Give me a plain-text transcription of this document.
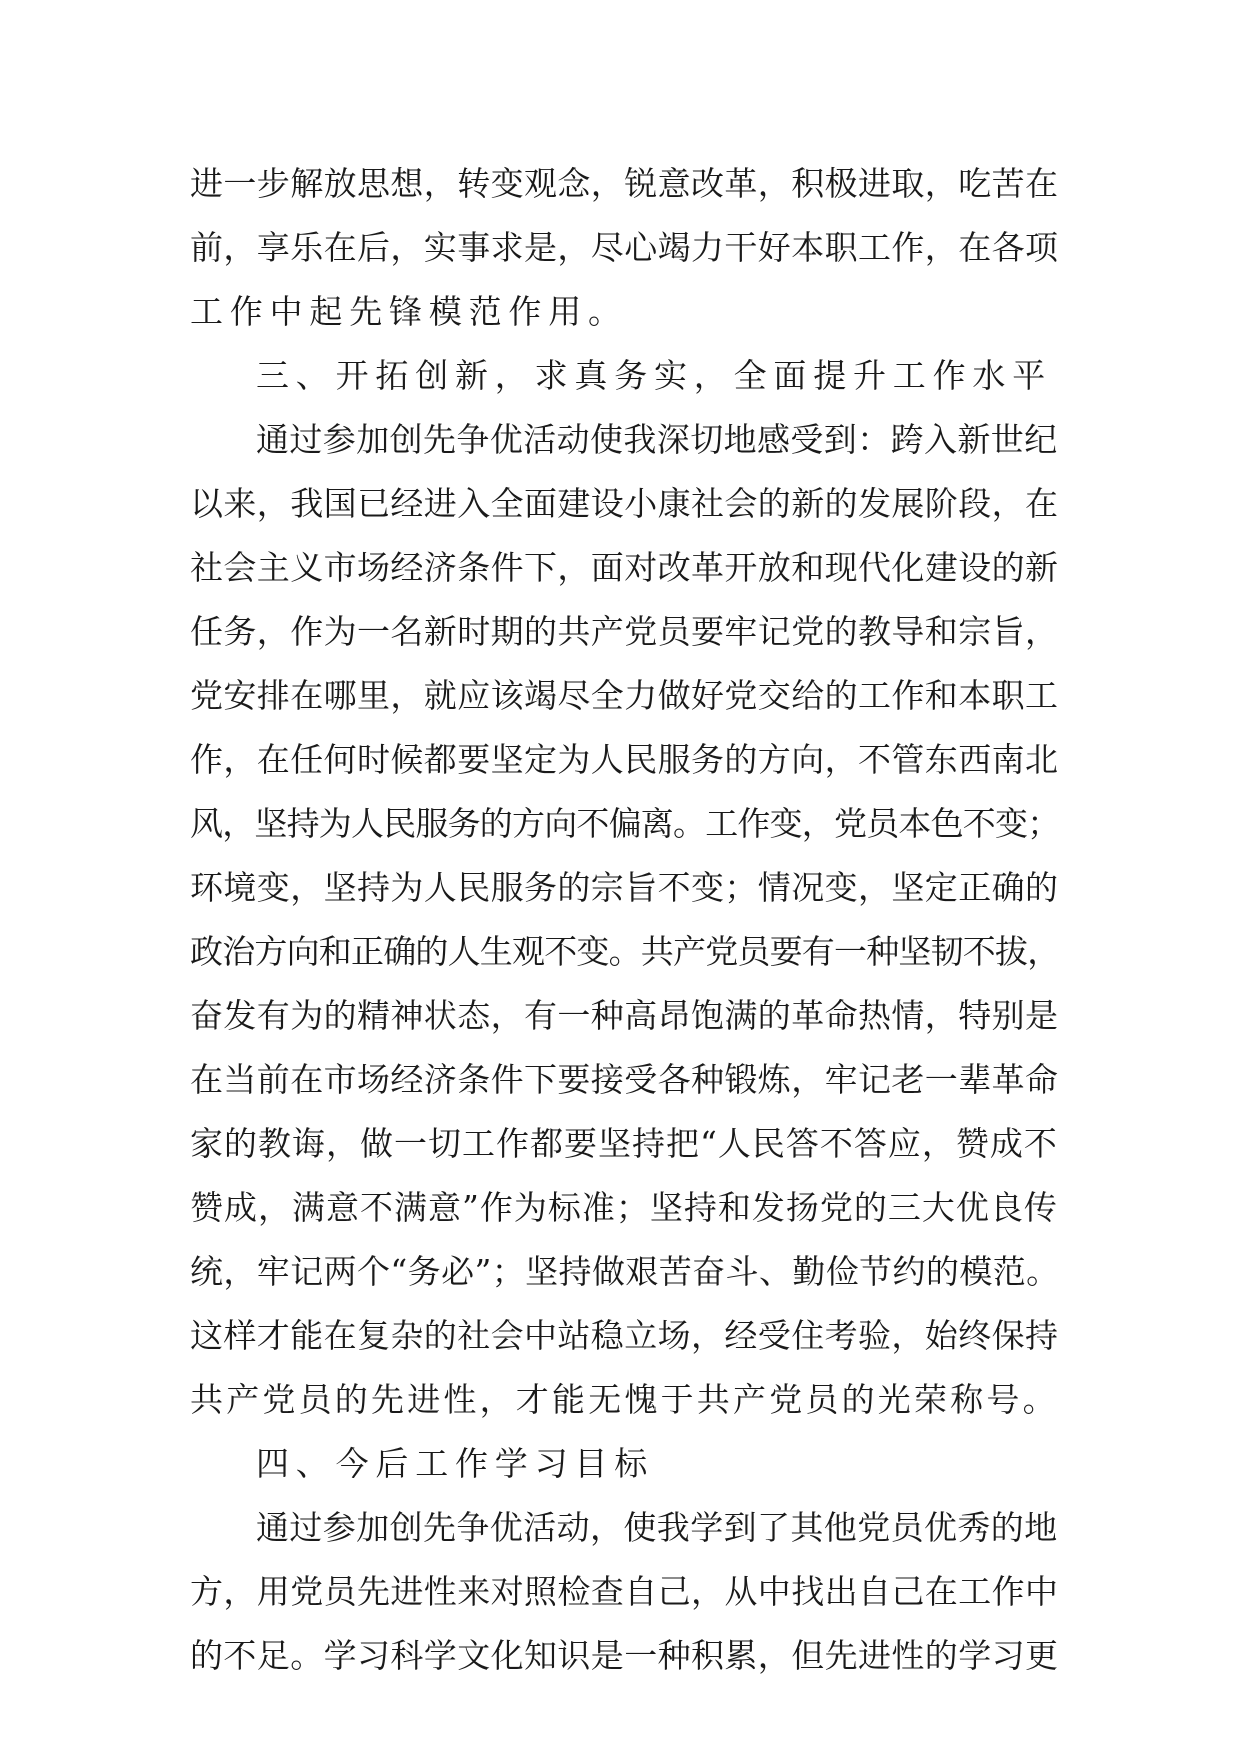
进一步解放思想，转变观念，锐意改革，积极进取，吃苦在
前，享乐在后，实事求是，尽心竭力干好本职工作，在各项
工作中起先锋模范作用。
三、开拓创新，求真务实，全面提升工作水平
通过参加创先争优活动使我深切地感受到：跨入新世纪
以来，我国已经进入全面建设小康社会的新的发展阶段，在
社会主义市场经济条件下，面对改革开放和现代化建设的新
任务，作为一名新时期的共产党员要牢记党的教导和宗旨，
党安排在哪里，就应该竭尽全力做好党交给的工作和本职工
作，在任何时候都要坚定为人民服务的方向，不管东西南北
风，坚持为人民服务的方向不偏离。工作变，党员本色不变；
环境变，坚持为人民服务的宗旨不变；情况变，坚定正确的
政治方向和正确的人生观不变。共产党员要有一种坚韧不拔，
奋发有为的精神状态，有一种高昂饱满的革命热情，特别是
在当前在市场经济条件下要接受各种锻炼，牢记老一辈革命
家的教诲，做一切工作都要坚持把“人民答不答应，赞成不
赞成，满意不满意”作为标准；坚持和发扬党的三大优良传
统，牢记两个“务必”；坚持做艰苦奋斗、勤俭节约的模范。
这样才能在复杂的社会中站稳立场，经受住考验，始终保持
共产党员的先进性，才能无愧于共产党员的光荣称号。
四、今后工作学习目标
通过参加创先争优活动，使我学到了其他党员优秀的地
方，用党员先进性来对照检查自己，从中找出自己在工作中
的不足。学习科学文化知识是一种积累，但先进性的学习更
